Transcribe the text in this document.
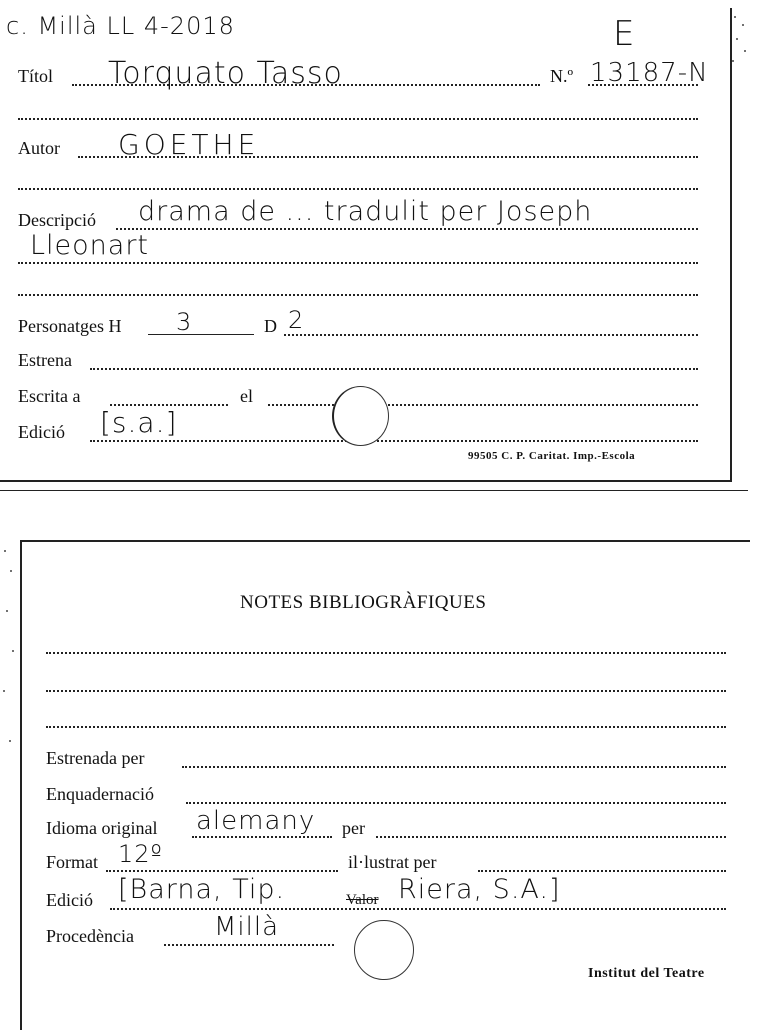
c. Millà LL 4-2018	E
Títol Torquato Tasso	N.º 13187-N
Autor GOETHE
Descripció drama de ... tradulit per Joseph
Lleonart
Personatges H 3	D 2
Estrena
Escrita a	el
Edició [s.a.]
99505 C. P. Caritat. Imp.-Escola
NOTES BIBLIOGRÀFIQUES
Estrenada per
Enquadernació
Idioma original alemany per
Format 12º	il·lustrat per
Edició [Barna, Tip.	Valor Riera, S.A.]
Procedència	Millà
Institut del Teatre
